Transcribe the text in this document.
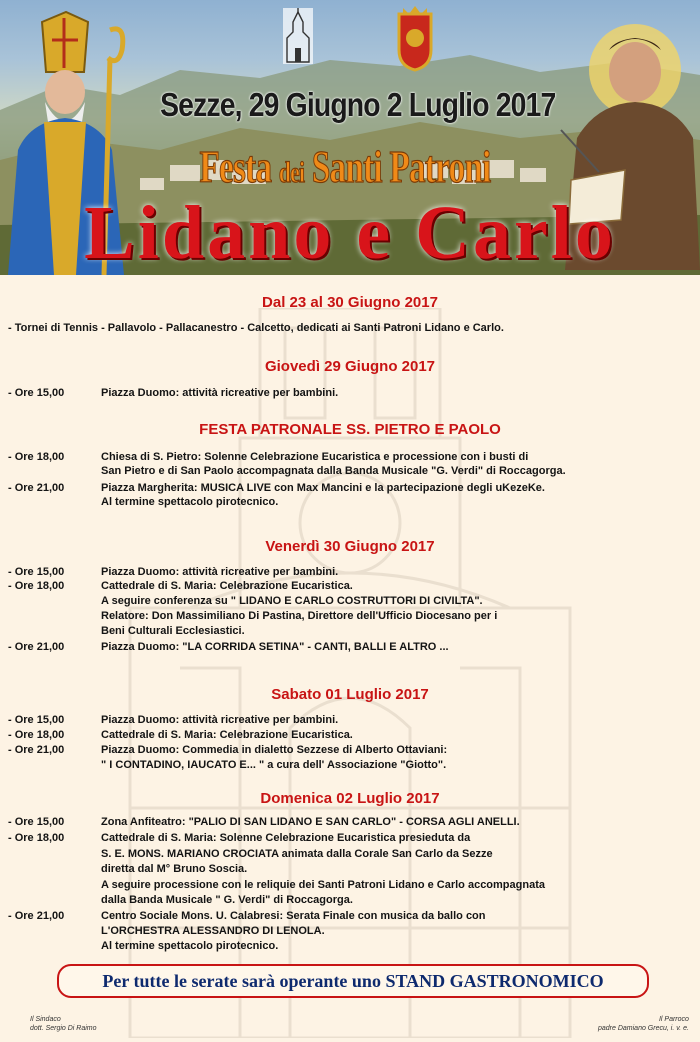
Sezze, 29 Giugno 2 Luglio 2017
Festa dei Santi Patroni
Lidano e Carlo
Dal 23 al 30 Giugno 2017
- Tornei di Tennis - Pallavolo - Pallacanestro - Calcetto, dedicati ai Santi Patroni Lidano e Carlo.
Giovedì 29 Giugno 2017
- Ore 15,00	Piazza Duomo: attività ricreative per bambini.
FESTA PATRONALE SS. PIETRO E PAOLO
- Ore 18,00	Chiesa di S. Pietro: Solenne Celebrazione Eucaristica e processione con i busti di
San Pietro e di San Paolo accompagnata dalla Banda Musicale "G. Verdi" di Roccagorga.
- Ore 21,00	Piazza Margherita: MUSICA LIVE con Max Mancini e la partecipazione degli uKezeKe.
Al termine spettacolo pirotecnico.
Venerdì 30 Giugno 2017
- Ore 15,00	Piazza Duomo: attività ricreative per bambini.
- Ore 18,00	Cattedrale di S. Maria: Celebrazione Eucaristica.
A seguire conferenza su " LIDANO E CARLO COSTRUTTORI DI CIVILTA".
Relatore: Don Massimiliano Di Pastina, Direttore dell'Ufficio Diocesano per i
Beni Culturali Ecclesiastici.
- Ore 21,00	Piazza Duomo: "LA CORRIDA SETINA" - CANTI, BALLI E ALTRO ...
Sabato 01 Luglio 2017
- Ore 15,00	Piazza Duomo: attività ricreative per bambini.
- Ore 18,00	Cattedrale di S. Maria: Celebrazione Eucaristica.
- Ore 21,00	Piazza Duomo: Commedia in dialetto Sezzese di Alberto Ottaviani:
" I CONTADINO, IAUCATO E... " a cura dell' Associazione "Giotto".
Domenica 02 Luglio 2017
- Ore 15,00	Zona Anfiteatro: "PALIO DI SAN LIDANO E SAN CARLO" - CORSA AGLI ANELLI.
- Ore 18,00	Cattedrale di S. Maria: Solenne Celebrazione Eucaristica presieduta da
S. E. MONS. MARIANO CROCIATA animata dalla Corale San Carlo da Sezze
diretta dal M° Bruno Soscia.
A seguire processione con le reliquie dei Santi Patroni Lidano e Carlo accompagnata
dalla Banda Musicale " G. Verdi" di Roccagorga.
- Ore 21,00	Centro Sociale Mons. U. Calabresi: Serata Finale con musica da ballo con
L'ORCHESTRA ALESSANDRO DI LENOLA.
Al termine spettacolo pirotecnico.
Per tutte le serate sarà operante uno STAND GASTRONOMICO
Il Sindaco
dott. Sergio Di Raimo
Il Parroco
padre Damiano Grecu, i. v. e.
